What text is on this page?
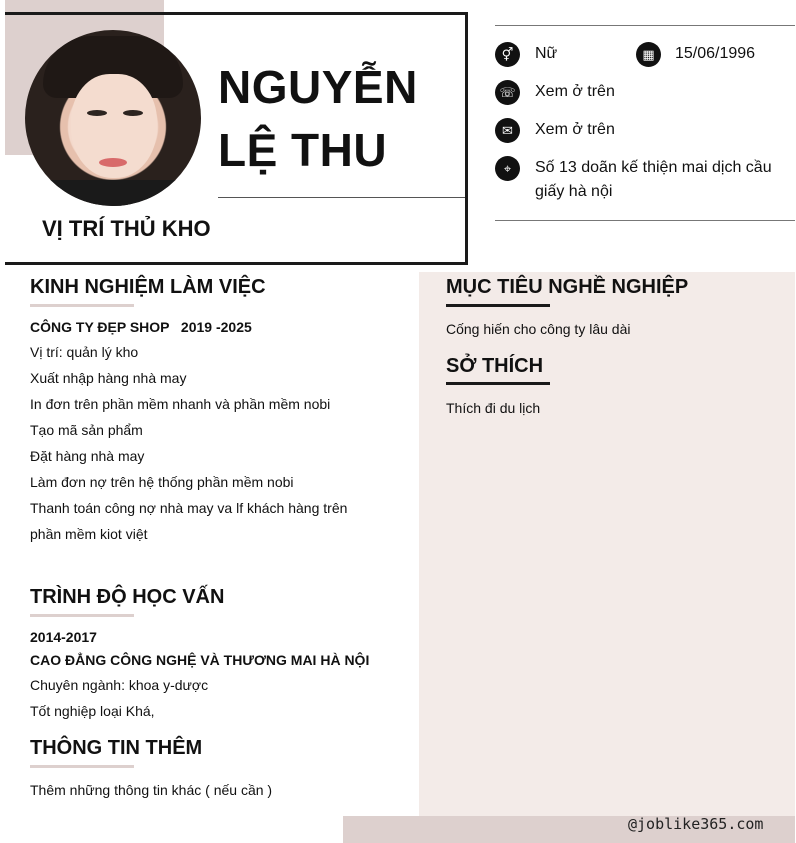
NGUYỄN
LỆ THU
VỊ TRÍ THỦ KHO
⚥	Nữ	▦	15/06/1996
☏ Xem ở trên
✉	Xem ở trên
⌖	Số 13 doãn kế thiện mai dịch cầu
giấy hà nội
MỤC TIÊU NGHỀ NGHIỆP
Cống hiến cho công ty lâu dài
SỞ THÍCH
Thích đi du lịch
KINH NGHIỆM LÀM VIỆC
CÔNG TY ĐẸP SHOP   2019 -2025
Vị trí: quản lý kho
Xuất nhập hàng nhà may
In đơn trên phần mềm nhanh và phần mềm nobi
Tạo mã sản phẩm
Đặt hàng nhà may
Làm đơn nợ trên hệ thống phần mềm nobi
Thanh toán công nợ nhà may va lf khách hàng trên
phần mềm kiot việt
TRÌNH ĐỘ HỌC VẤN
2014-2017
CAO ĐẲNG CÔNG NGHỆ VÀ THƯƠNG MAI HÀ NỘI
Chuyên ngành: khoa y-dược
Tốt nghiệp loại Khá,
THÔNG TIN THÊM
Thêm những thông tin khác ( nếu cần )
@joblike365.com
